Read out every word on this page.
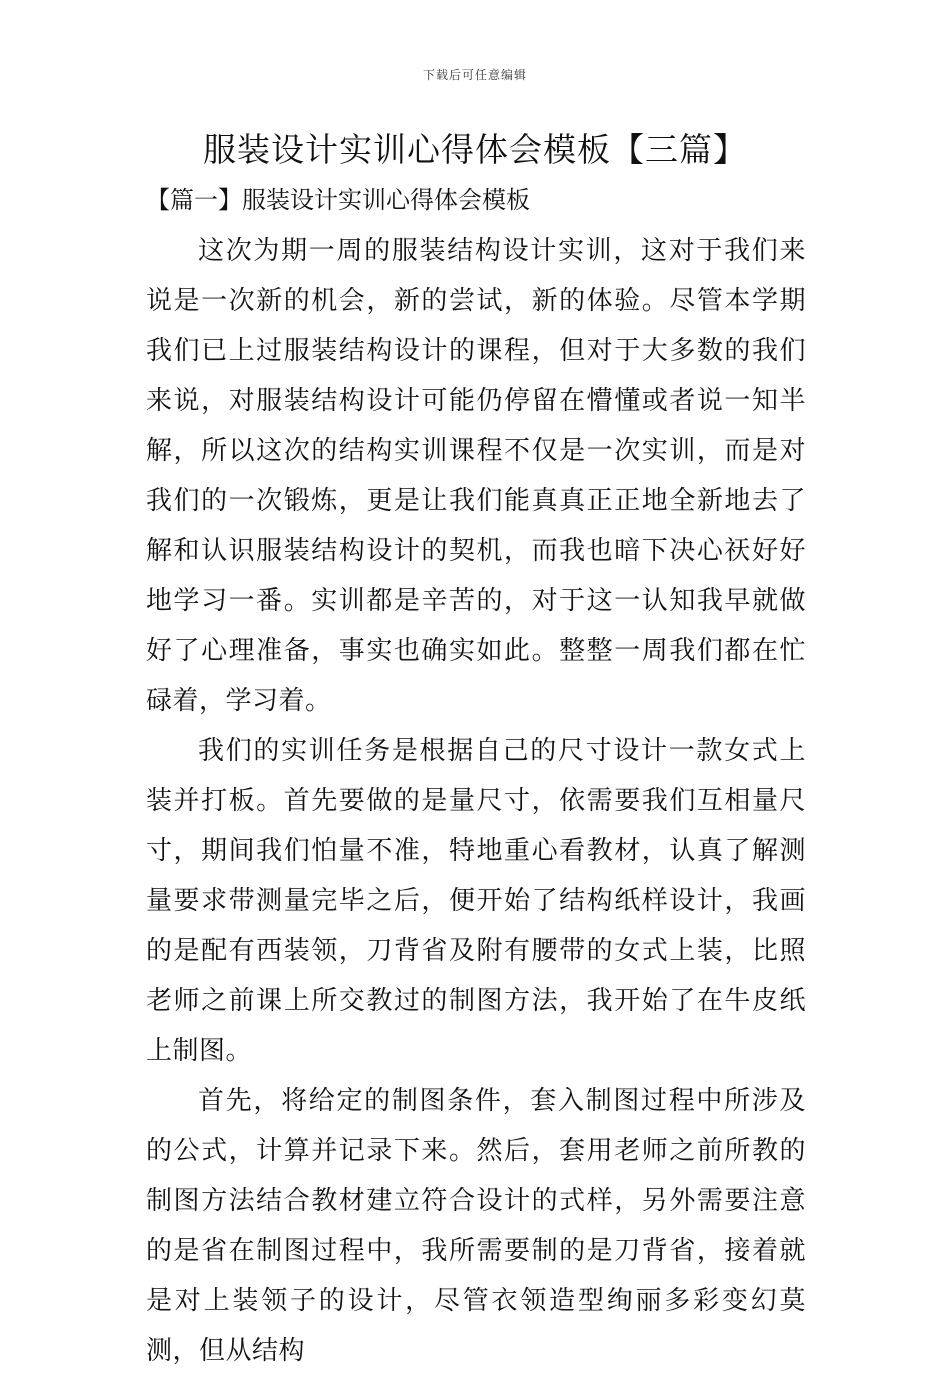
下载后可任意编辑
服装设计实训心得体会模板【三篇】
【篇一】服装设计实训心得体会模板

这次为期一周的服装结构设计实训，这对于我们来说是一次新的机会，新的尝试，新的体验。尽管本学期我们已上过服装结构设计的课程，但对于大多数的我们来说，对服装结构设计可能仍停留在懵懂或者说一知半解，所以这次的结构实训课程不仅是一次实训，而是对我们的一次锻炼，更是让我们能真真正正地全新地去了解和认识服装结构设计的契机，而我也暗下决心祆好好地学习一番。实训都是辛苦的，对于这一认知我早就做好了心理准备，事实也确实如此。整整一周我们都在忙碌着，学习着。

我们的实训任务是根据自己的尺寸设计一款女式上装并打板。首先要做的是量尺寸，依需要我们互相量尺寸，期间我们怕量不准，特地重心看教材，认真了解测量要求带测量完毕之后，便开始了结构纸样设计，我画的是配有西装领，刀背省及附有腰带的女式上装，比照老师之前课上所交教过的制图方法，我开始了在牛皮纸上制图。

首先，将给定的制图条件，套入制图过程中所涉及的公式，计算并记录下来。然后，套用老师之前所教的制图方法结合教材建立符合设计的式样，另外需要注意的是省在制图过程中，我所需要制的是刀背省，接着就是对上装领子的设计，尽管衣领造型绚丽多彩变幻莫测，但从结构
